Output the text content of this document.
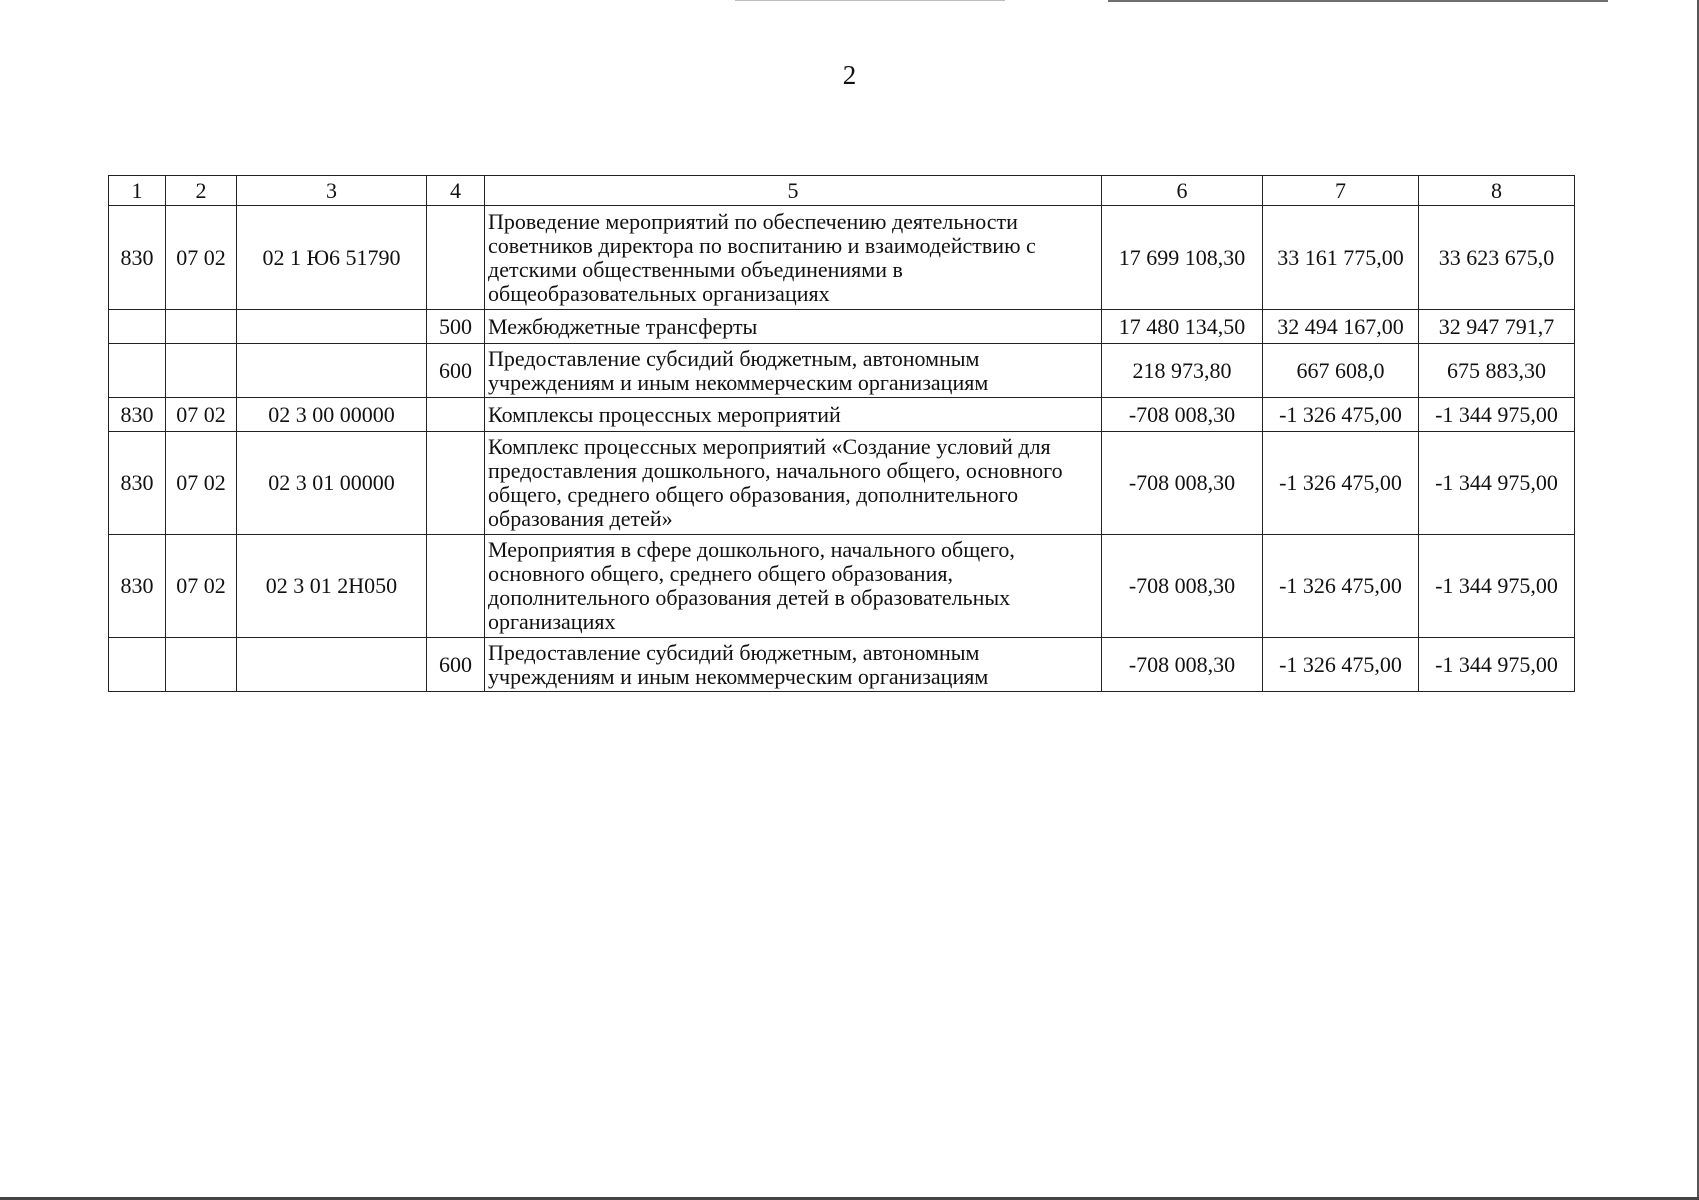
2
1	2	3	4	5	6	7	8
830	07 02	02 1 Ю6 51790		Проведение мероприятий по обеспечению деятельности советников директора по воспитанию и взаимодействию с детскими общественными объединениями в общеобразовательных организациях	17 699 108,30	33 161 775,00	33 623 675,0
			500	Межбюджетные трансферты	17 480 134,50	32 494 167,00	32 947 791,7
			600	Предоставление субсидий бюджетным, автономным учреждениям и иным некоммерческим организациям	218 973,80	667 608,0	675 883,30
830	07 02	02 3 00 00000		Комплексы процессных мероприятий	-708 008,30	-1 326 475,00	-1 344 975,00
830	07 02	02 3 01 00000		Комплекс процессных мероприятий «Создание условий для предоставления дошкольного, начального общего, основного общего, среднего общего образования, дополнительного образования детей»	-708 008,30	-1 326 475,00	-1 344 975,00
830	07 02	02 3 01 2Н050		Мероприятия в сфере дошкольного, начального общего, основного общего, среднего общего образования, дополнительного образования детей в образовательных организациях	-708 008,30	-1 326 475,00	-1 344 975,00
			600	Предоставление субсидий бюджетным, автономным учреждениям и иным некоммерческим организациям	-708 008,30	-1 326 475,00	-1 344 975,00
